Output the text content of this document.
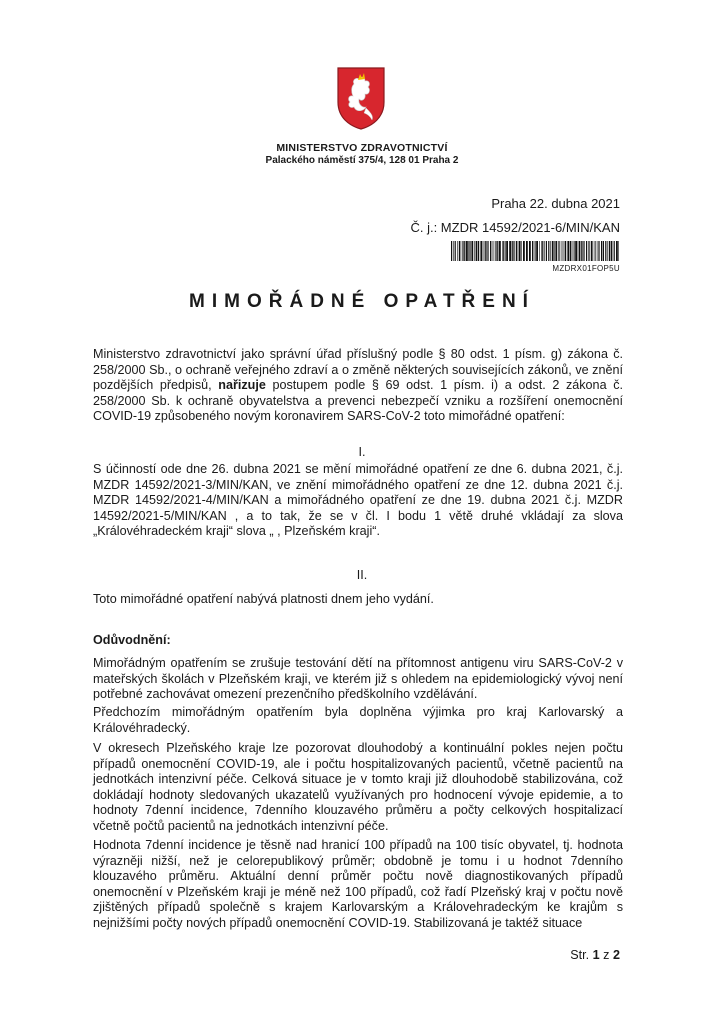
MINISTERSTVO ZDRAVOTNICTVÍ
Palackého náměstí 375/4, 128 01 Praha 2
Praha 22. dubna 2021
Č. j.: MZDR 14592/2021-6/MIN/KAN
MZDRX01FOP5U
MIMOŘÁDNÉ OPATŘENÍ
Ministerstvo zdravotnictví jako správní úřad příslušný podle § 80 odst. 1 písm. g) zákona č. 258/2000 Sb., o ochraně veřejného zdraví a o změně některých souvisejících zákonů, ve znění pozdějších předpisů, nařizuje postupem podle § 69 odst. 1 písm. i) a odst. 2 zákona č. 258/2000 Sb. k ochraně obyvatelstva a prevenci nebezpečí vzniku a rozšíření onemocnění COVID-19 způsobeného novým koronavirem SARS-CoV-2 toto mimořádné opatření:
I.
S účinností ode dne 26. dubna 2021 se mění mimořádné opatření ze dne 6. dubna 2021, č.j. MZDR 14592/2021-3/MIN/KAN, ve znění mimořádného opatření ze dne 12. dubna 2021 č.j. MZDR 14592/2021-4/MIN/KAN a mimořádného opatření ze dne 19. dubna 2021 č.j. MZDR 14592/2021-5/MIN/KAN , a to tak, že se v čl. I bodu 1 větě druhé vkládají za slova „Královéhradeckém kraji“ slova „ , Plzeňském kraji“.
II.
Toto mimořádné opatření nabývá platnosti dnem jeho vydání.
Odůvodnění:
Mimořádným opatřením se zrušuje testování dětí na přítomnost antigenu viru SARS-CoV-2 v mateřských školách v Plzeňském kraji, ve kterém již s ohledem na epidemiologický vývoj není potřebné zachovávat omezení prezenčního předškolního vzdělávání.
Předchozím mimořádným opatřením byla doplněna výjimka pro kraj Karlovarský a Královéhradecký.
V okresech Plzeňského kraje lze pozorovat dlouhodobý a kontinuální pokles nejen počtu případů onemocnění COVID-19, ale i počtu hospitalizovaných pacientů, včetně pacientů na jednotkách intenzivní péče. Celková situace je v tomto kraji již dlouhodobě stabilizována, což dokládají hodnoty sledovaných ukazatelů využívaných pro hodnocení vývoje epidemie, a to hodnoty 7denní incidence, 7denního klouzavého průměru a počty celkových hospitalizací včetně počtů pacientů na jednotkách intenzivní péče.
Hodnota 7denní incidence je těsně nad hranicí 100 případů na 100 tisíc obyvatel, tj. hodnota výrazněji nižší, než je celorepublikový průměr; obdobně je tomu i u hodnot 7denního klouzavého průměru. Aktuální denní průměr počtu nově diagnostikovaných případů onemocnění v Plzeňském kraji je méně než 100 případů, což řadí Plzeňský kraj v počtu nově zjištěných případů společně s krajem Karlovarským a Královehradeckým ke krajům s nejnižšími počty nových případů onemocnění COVID-19. Stabilizovaná je taktéž situace
Str. 1 z 2
